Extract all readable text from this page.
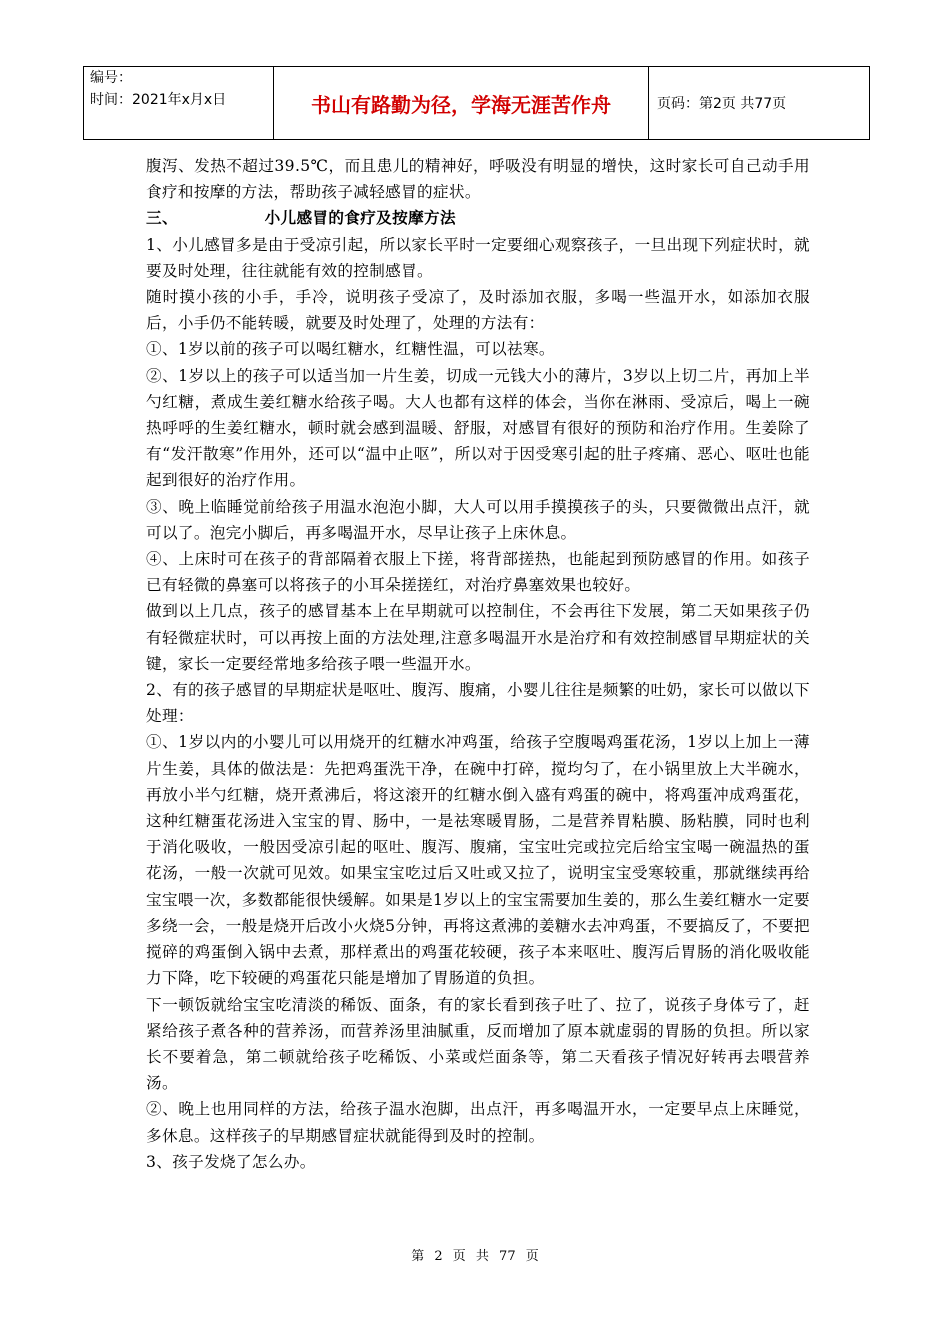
编号：
时间：2021年x月x日	书山有路勤为径，学海无涯苦作舟	页码：第2页 共77页

腹泻、发热不超过39.5℃，而且患儿的精神好，呼吸没有明显的增快，这时家长可自己动手用食疗和按摩的方法，帮助孩子减轻感冒的症状。

三、	小儿感冒的食疗及按摩方法

1、小儿感冒多是由于受凉引起，所以家长平时一定要细心观察孩子，一旦出现下列症状时，就要及时处理，往往就能有效的控制感冒。

随时摸小孩的小手，手冷，说明孩子受凉了，及时添加衣服，多喝一些温开水，如添加衣服后，小手仍不能转暖，就要及时处理了，处理的方法有：

①、1岁以前的孩子可以喝红糖水，红糖性温，可以祛寒。

②、1岁以上的孩子可以适当加一片生姜，切成一元钱大小的薄片，3岁以上切二片，再加上半勺红糖，煮成生姜红糖水给孩子喝。大人也都有这样的体会，当你在淋雨、受凉后，喝上一碗热呼呼的生姜红糖水，顿时就会感到温暖、舒服，对感冒有很好的预防和治疗作用。生姜除了有“发汗散寒”作用外，还可以“温中止呕”，所以对于因受寒引起的肚子疼痛、恶心、呕吐也能起到很好的治疗作用。

③、晚上临睡觉前给孩子用温水泡泡小脚，大人可以用手摸摸孩子的头，只要微微出点汗，就可以了。泡完小脚后，再多喝温开水，尽早让孩子上床休息。

④、上床时可在孩子的背部隔着衣服上下搓，将背部搓热，也能起到预防感冒的作用。如孩子已有轻微的鼻塞可以将孩子的小耳朵搓搓红，对治疗鼻塞效果也较好。

做到以上几点，孩子的感冒基本上在早期就可以控制住，不会再往下发展，第二天如果孩子仍有轻微症状时，可以再按上面的方法处理,注意多喝温开水是治疗和有效控制感冒早期症状的关键，家长一定要经常地多给孩子喂一些温开水。

2、有的孩子感冒的早期症状是呕吐、腹泻、腹痛，小婴儿往往是频繁的吐奶，家长可以做以下处理：

①、1岁以内的小婴儿可以用烧开的红糖水冲鸡蛋，给孩子空腹喝鸡蛋花汤，1岁以上加上一薄片生姜，具体的做法是：先把鸡蛋洗干净，在碗中打碎，搅均匀了，在小锅里放上大半碗水，再放小半勺红糖，烧开煮沸后，将这滚开的红糖水倒入盛有鸡蛋的碗中，将鸡蛋冲成鸡蛋花，这种红糖蛋花汤进入宝宝的胃、肠中，一是祛寒暖胃肠，二是营养胃粘膜、肠粘膜，同时也利于消化吸收，一般因受凉引起的呕吐、腹泻、腹痛，宝宝吐完或拉完后给宝宝喝一碗温热的蛋花汤，一般一次就可见效。如果宝宝吃过后又吐或又拉了，说明宝宝受寒较重，那就继续再给宝宝喂一次，多数都能很快缓解。如果是1岁以上的宝宝需要加生姜的，那么生姜红糖水一定要多绕一会，一般是烧开后改小火烧5分钟，再将这煮沸的姜糖水去冲鸡蛋，不要搞反了，不要把搅碎的鸡蛋倒入锅中去煮，那样煮出的鸡蛋花较硬，孩子本来呕吐、腹泻后胃肠的消化吸收能力下降，吃下较硬的鸡蛋花只能是增加了胃肠道的负担。

下一顿饭就给宝宝吃清淡的稀饭、面条，有的家长看到孩子吐了、拉了，说孩子身体亏了，赶紧给孩子煮各种的营养汤，而营养汤里油腻重，反而增加了原本就虚弱的胃肠的负担。所以家长不要着急，第二顿就给孩子吃稀饭、小菜或烂面条等，第二天看孩子情况好转再去喂营养汤。

②、晚上也用同样的方法，给孩子温水泡脚，出点汗，再多喝温开水，一定要早点上床睡觉，多休息。这样孩子的早期感冒症状就能得到及时的控制。

3、孩子发烧了怎么办。

第 2 页 共 77 页
